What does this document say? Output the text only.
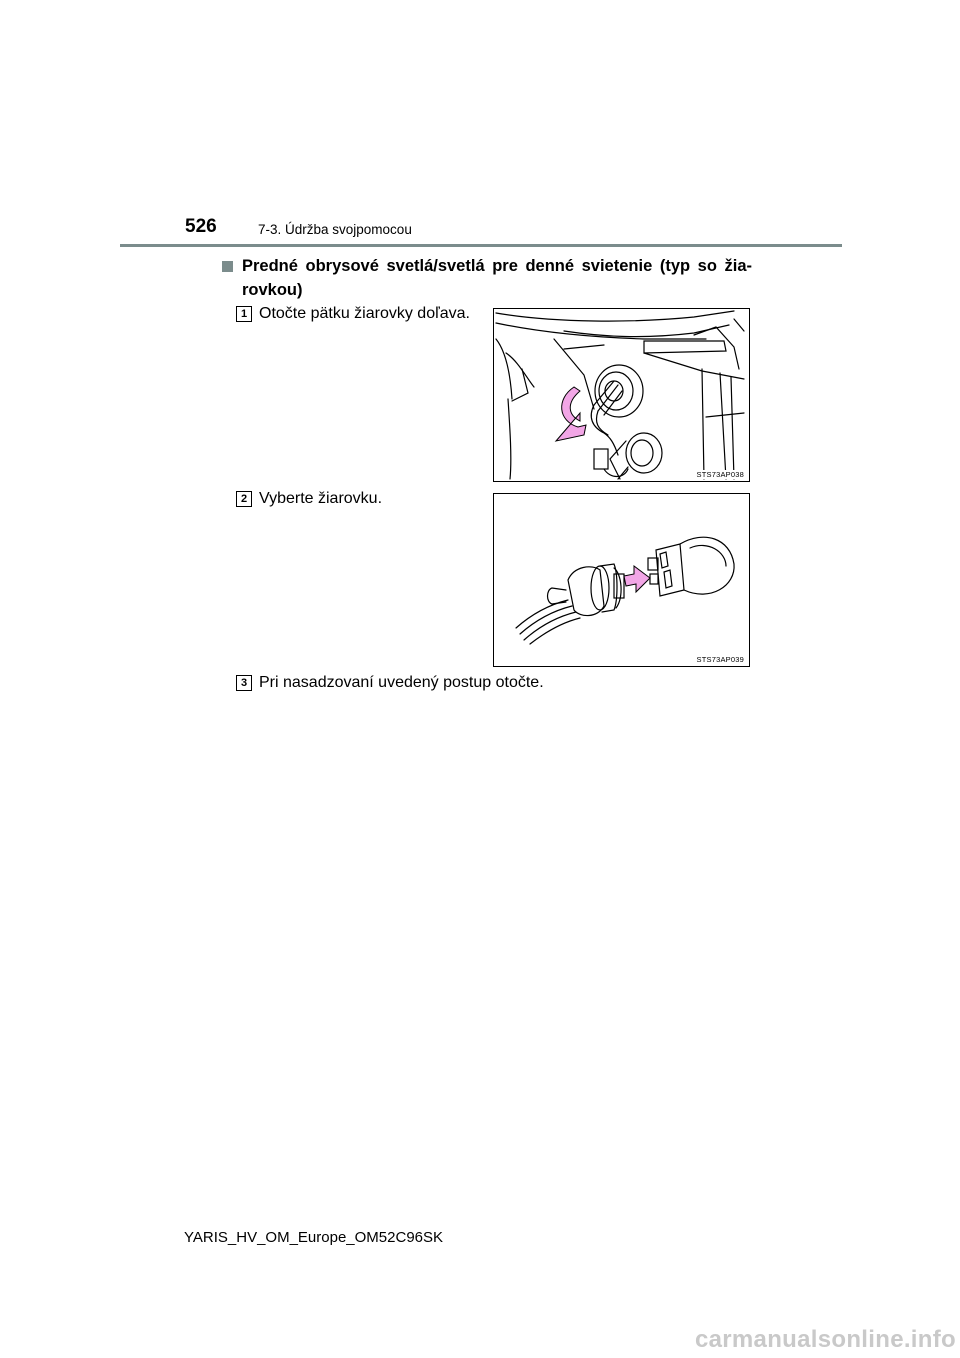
526	7-3. Údržba svojpomocou
Predné obrysové svetlá/svetlá pre denné svietenie (typ so žia-rovkou)
1 Otočte pätku žiarovky doľava.
STS73AP038
2 Vyberte žiarovku.
STS73AP039
3 Pri nasadzovaní uvedený postup otočte.
YARIS_HV_OM_Europe_OM52C96SK
carmanualsonline.info
